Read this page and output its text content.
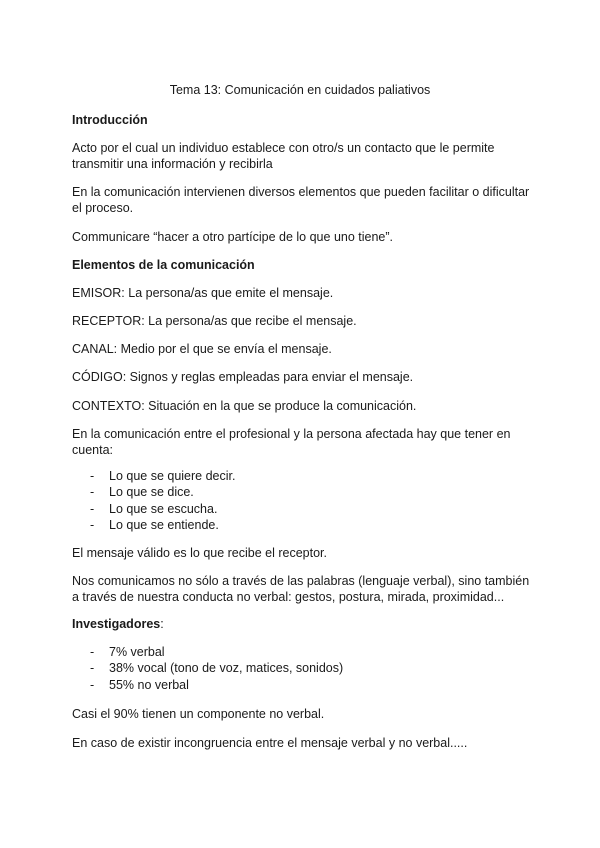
Tema 13: Comunicación en cuidados paliativos

Introducción

Acto por el cual un individuo establece con otro/s un contacto que le permite transmitir una información y recibirla

En la comunicación intervienen diversos elementos que pueden facilitar o dificultar el proceso.

Communicare “hacer a otro partícipe de lo que uno tiene”.

Elementos de la comunicación

EMISOR: La persona/as que emite el mensaje.

RECEPTOR: La persona/as que recibe el mensaje.

CANAL: Medio por el que se envía el mensaje.

CÓDIGO: Signos y reglas empleadas para enviar el mensaje.

CONTEXTO: Situación en la que se produce la comunicación.

En la comunicación entre el profesional y la persona afectada hay que tener en cuenta:

- Lo que se quiere decir.
- Lo que se dice.
- Lo que se escucha.
- Lo que se entiende.

El mensaje válido es lo que recibe el receptor.

Nos comunicamos no sólo a través de las palabras (lenguaje verbal), sino también a través de nuestra conducta no verbal: gestos, postura, mirada, proximidad...

Investigadores:

- 7% verbal
- 38% vocal (tono de voz, matices, sonidos)
- 55% no verbal

Casi el 90% tienen un componente no verbal.

En caso de existir incongruencia entre el mensaje verbal y no verbal.....
